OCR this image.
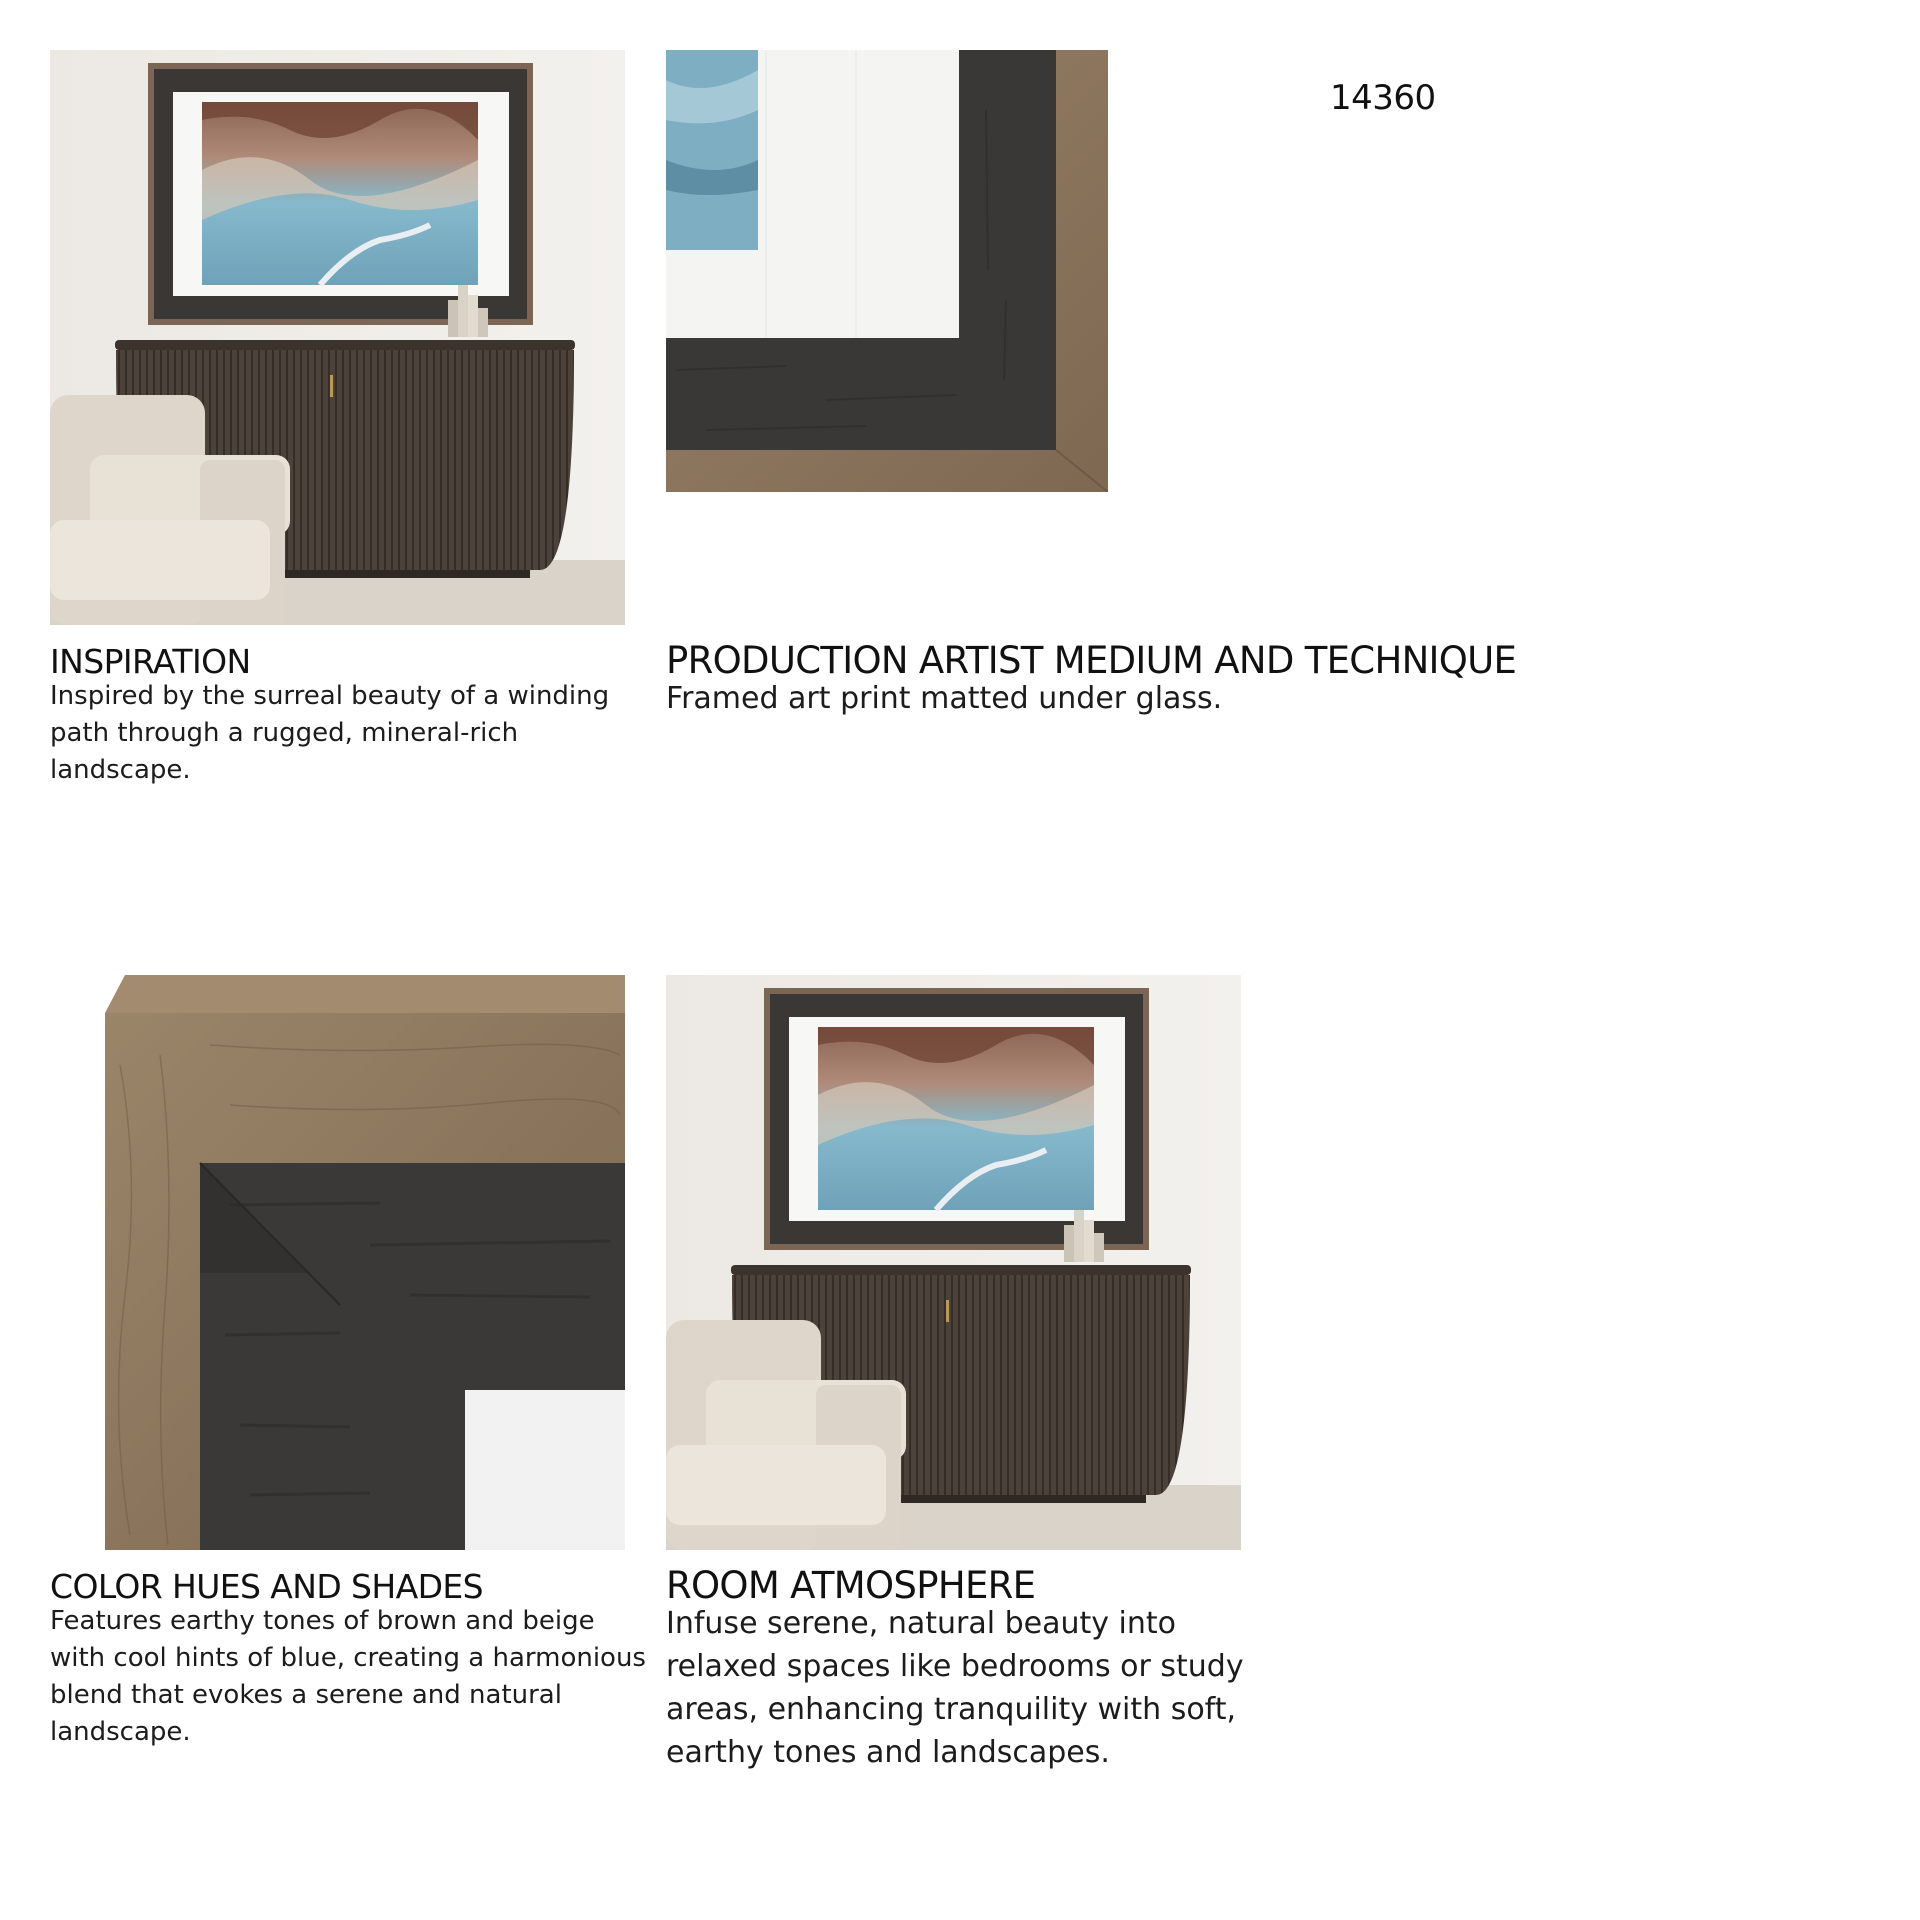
14360
INSPIRATION
Inspired by the surreal beauty of a winding
path through a rugged, mineral-rich
landscape.
PRODUCTION ARTIST MEDIUM AND TECHNIQUE
Framed art print matted under glass.
COLOR HUES AND SHADES
Features earthy tones of brown and beige
with cool hints of blue, creating a harmonious
blend that evokes a serene and natural
landscape.
ROOM ATMOSPHERE
Infuse serene, natural beauty into
relaxed spaces like bedrooms or study
areas, enhancing tranquility with soft,
earthy tones and landscapes.
